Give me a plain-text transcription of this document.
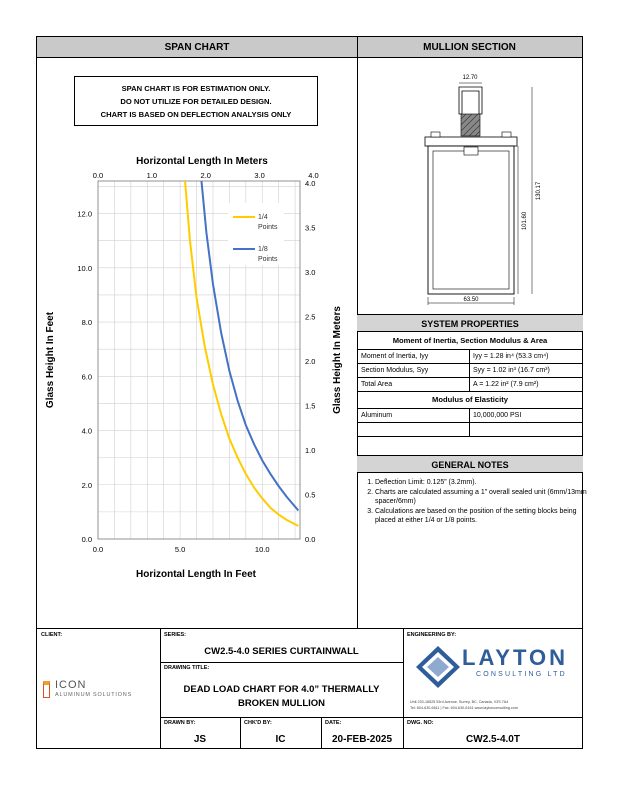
SPAN CHART	MULLION SECTION
SPAN CHART IS FOR ESTIMATION ONLY.
DO NOT UTILIZE FOR DETAILED DESIGN.
CHART IS BASED ON DEFLECTION ANALYSIS ONLY
0.0	5.0	10.0
0.0
2.0
4.0
6.0
8.0
10.0
12.0
0.0	1.0	2.0	3.0	4.0
0.0
0.5
1.0
1.5
2.0
2.5
3.0
3.5
4.0
Horizontal Length In Meters
Horizontal Length In Feet
Glass Height In Feet	Glass Height In Meters
1/4
Points
1/8
Points
12.70
101.60
130.17
63.50
SYSTEM PROPERTIES
Moment of Inertia, Section Modulus & Area
Moment of Inertia, Iyy	Iyy = 1.28 in⁴ (53.3 cm⁴)
Section Modulus, Syy	Syy = 1.02 in³ (16.7 cm³)
Total Area	A = 1.22 in² (7.9 cm²)
Modulus of Elasticity
Aluminum	10,000,000 PSI

GENERAL NOTES
1. Deflection Limit: 0.125” (3.2mm).
2. Charts are calculated assuming a 1” overall sealed unit (6mm/13mm spacer/6mm)
3. Calculations are based on the position of the setting blocks being placed at either 1/4 or 1/8 points.
CLIENT:
ICON
ALUMINUM SOLUTIONS
SERIES:
CW2.5-4.0 SERIES CURTAINWALL
DRAWING TITLE:
DEAD LOAD CHART FOR 4.0” THERMALLY
BROKEN MULLION
DRAWN BY:
JS
CHK'D BY:
IC
DATE:
20-FEB-2025
ENGINEERING BY:
LAYTON
CONSULTING LTD
Unit 233-18525 53rd Avenue, Surrey, BC, Canada, V3S 7A4
Tel: 604-630-6611 | Fax: 604-630-6161 www.laytonconsulting.com
DWG. NO:
CW2.5-4.0T
